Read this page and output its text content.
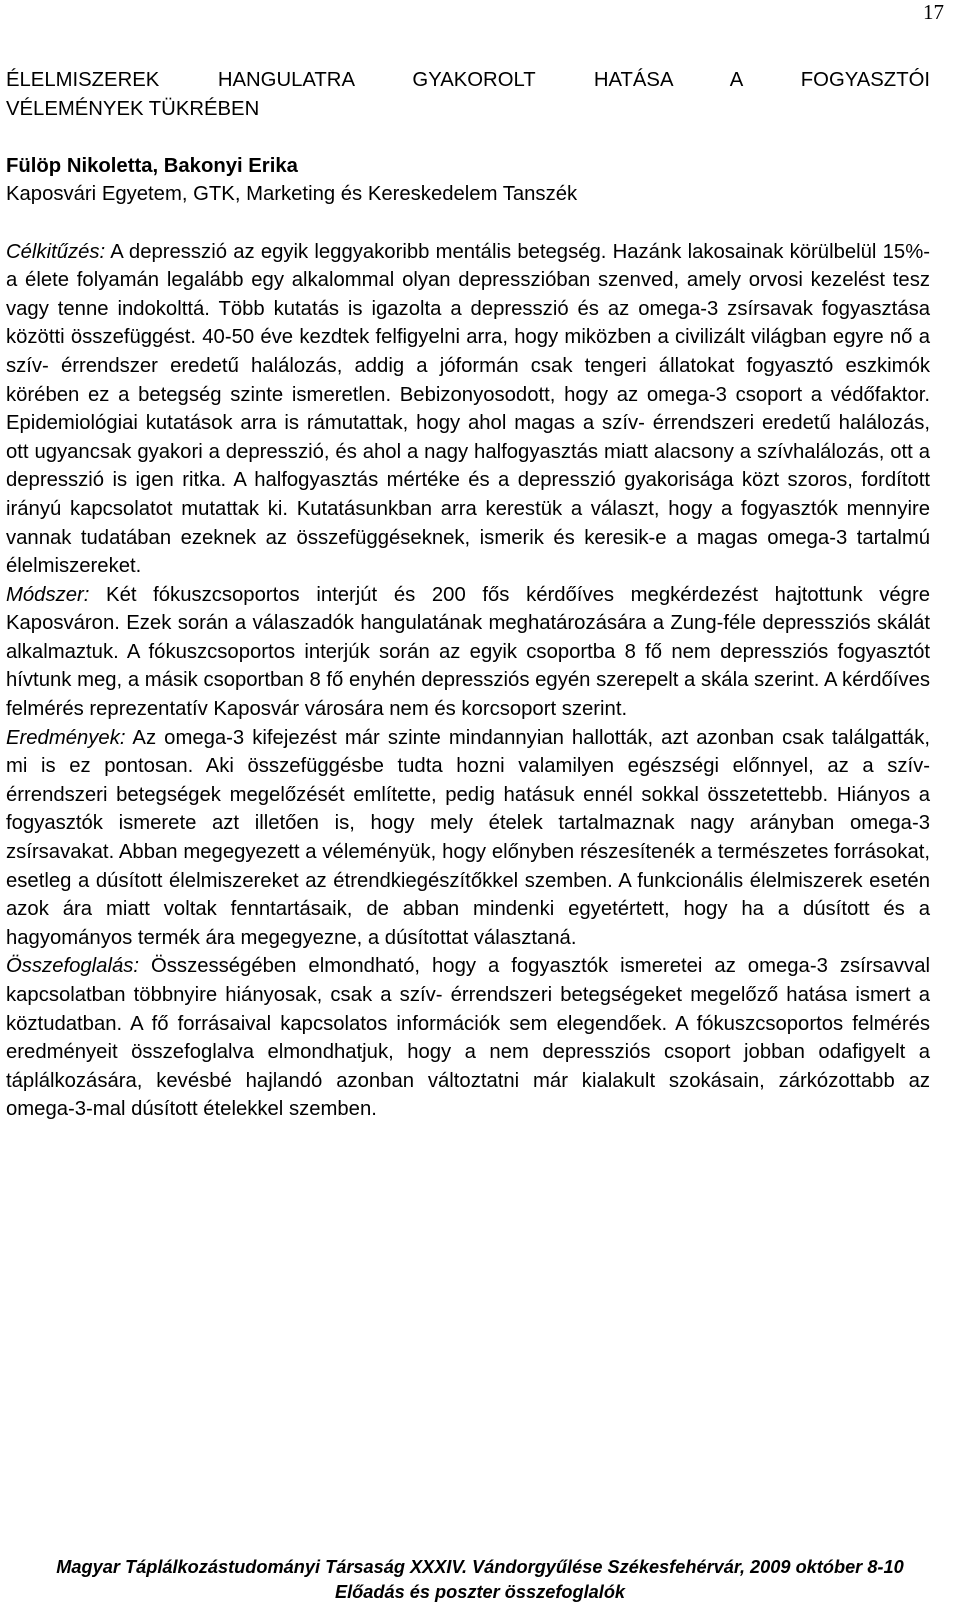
17
ÉLELMISZEREK HANGULATRA GYAKOROLT HATÁSA A FOGYASZTÓI
VÉLEMÉNYEK TÜKRÉBEN

Fülöp Nikoletta, Bakonyi Erika

Kaposvári Egyetem, GTK, Marketing és Kereskedelem Tanszék

Célkitűzés: A depresszió az egyik leggyakoribb mentális betegség. Hazánk lakosainak körülbelül 15%-a élete folyamán legalább egy alkalommal olyan depresszióban szenved, amely orvosi kezelést tesz vagy tenne indokolttá. Több kutatás is igazolta a depresszió és az omega-3 zsírsavak fogyasztása közötti összefüggést. 40-50 éve kezdtek felfigyelni arra, hogy miközben a civilizált világban egyre nő a szív- érrendszer eredetű halálozás, addig a jóformán csak tengeri állatokat fogyasztó eszkimók körében ez a betegség szinte ismeretlen. Bebizonyosodott, hogy az omega-3 csoport a védőfaktor. Epidemiológiai kutatások arra is rámutattak, hogy ahol magas a szív- érrendszeri eredetű halálozás, ott ugyancsak gyakori a depresszió, és ahol a nagy halfogyasztás miatt alacsony a szívhalálozás, ott a depresszió is igen ritka. A halfogyasztás mértéke és a depresszió gyakorisága közt szoros, fordított irányú kapcsolatot mutattak ki. Kutatásunkban arra kerestük a választ, hogy a fogyasztók mennyire vannak tudatában ezeknek az összefüggéseknek, ismerik és keresik-e a magas omega-3 tartalmú élelmiszereket.
Módszer: Két fókuszcsoportos interjút és 200 fős kérdőíves megkérdezést hajtottunk végre Kaposváron. Ezek során a válaszadók hangulatának meghatározására a Zung-féle depressziós skálát alkalmaztuk. A fókuszcsoportos interjúk során az egyik csoportba 8 fő nem depressziós fogyasztót hívtunk meg, a másik csoportban 8 fő enyhén depressziós egyén szerepelt a skála szerint. A kérdőíves felmérés reprezentatív Kaposvár városára nem és korcsoport szerint.
Eredmények: Az omega-3 kifejezést már szinte mindannyian hallották, azt azonban csak találgatták, mi is ez pontosan. Aki összefüggésbe tudta hozni valamilyen egészségi előnnyel, az a szív- érrendszeri betegségek megelőzését említette, pedig hatásuk ennél sokkal összetettebb. Hiányos a fogyasztók ismerete azt illetően is, hogy mely ételek tartalmaznak nagy arányban omega-3 zsírsavakat. Abban megegyezett a véleményük, hogy előnyben részesítenék a természetes forrásokat, esetleg a dúsított élelmiszereket az étrendkiegészítőkkel szemben. A funkcionális élelmiszerek esetén azok ára miatt voltak fenntartásaik, de abban mindenki egyetértett, hogy ha a dúsított és a hagyományos termék ára megegyezne, a dúsítottat választaná.
Összefoglalás: Összességében elmondható, hogy a fogyasztók ismeretei az omega-3 zsírsavval kapcsolatban többnyire hiányosak, csak a szív- érrendszeri betegségeket megelőző hatása ismert a köztudatban. A fő forrásaival kapcsolatos információk sem elegendőek. A fókuszcsoportos felmérés eredményeit összefoglalva elmondhatjuk, hogy a nem depressziós csoport jobban odafigyelt a táplálkozására, kevésbé hajlandó azonban változtatni már kialakult szokásain, zárkózottabb az omega-3-mal dúsított ételekkel szemben.

Magyar Táplálkozástudományi Társaság XXXIV. Vándorgyűlése Székesfehérvár, 2009 október 8-10
Előadás és poszter összefoglalók
